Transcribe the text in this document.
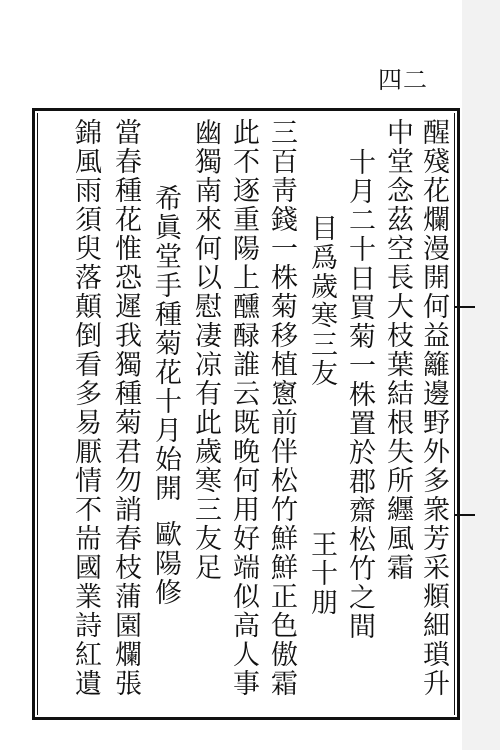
四二
醒殘花爛漫開何益籬邊野外多衆芳采頫細瑣升
中堂念茲空長大枝葉結根失所纒風霜
十月二十日買菊一株置於郡齋松竹之間
目爲歲寒三友
王十朋
三百靑錢一株菊移植窻前伴松竹鮮鮮正色傲霜
此不逐重陽上醺醁誰云既晚何用好端似高人事
幽獨南來何以慰凄凉有此歲寒三友足
希眞堂手種菊花十月始開
歐陽修
當春種花惟恐遲我獨種菊君勿誚春枝蒲園爛張
錦風雨須臾落顛倒看多易厭情不耑國業詩紅遺
